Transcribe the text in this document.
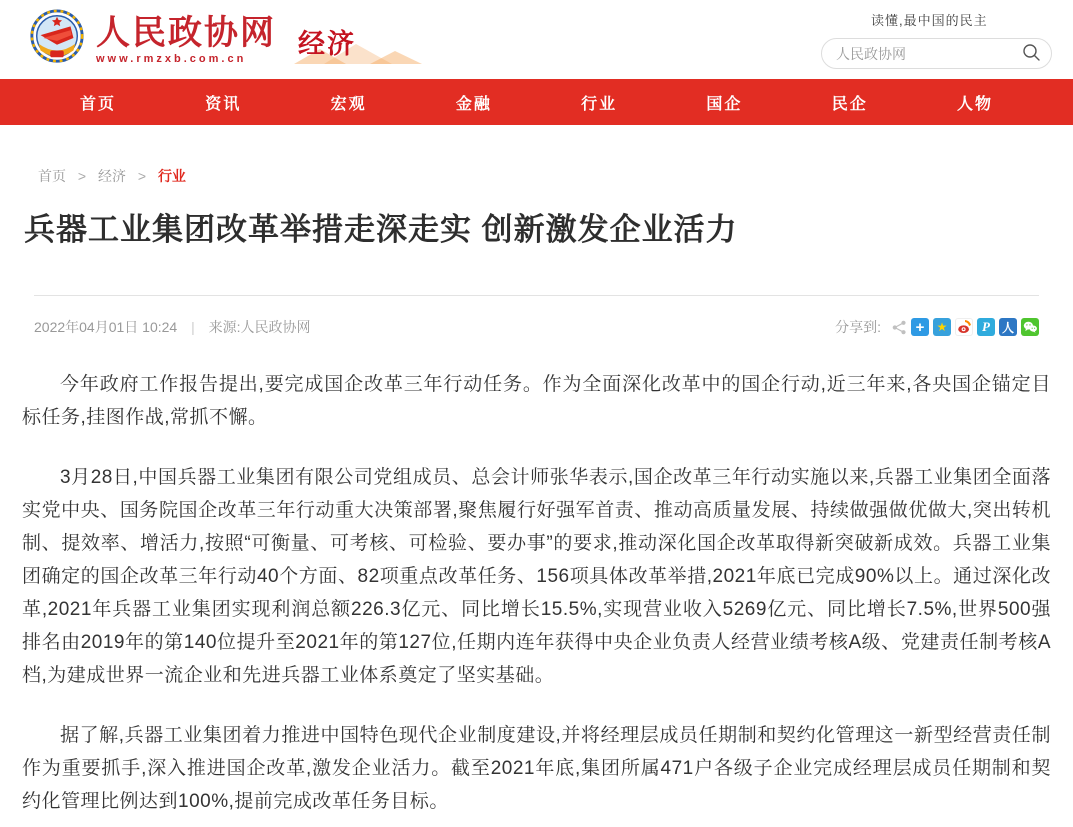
人民政协网
www.rmzxb.com.cn	经济
读懂,最中国的民主
人民政协网
首页	资讯	宏观	金融	行业	国企	民企	人物
首页 > 经济 > 行业
兵器工业集团改革举措走深走实 创新激发企业活力
2022年04月01日 10:24 | 来源:人民政协网	分享到:	+	★	P	人

今年政府工作报告提出,要完成国企改革三年行动任务。作为全面深化改革中的国企行动,近三年来,各央国企锚定目标任务,挂图作战,常抓不懈。

3月28日,中国兵器工业集团有限公司党组成员、总会计师张华表示,国企改革三年行动实施以来,兵器工业集团全面落实党中央、国务院国企改革三年行动重大决策部署,聚焦履行好强军首责、推动高质量发展、持续做强做优做大,突出转机制、提效率、增活力,按照“可衡量、可考核、可检验、要办事”的要求,推动深化国企改革取得新突破新成效。兵器工业集团确定的国企改革三年行动40个方面、82项重点改革任务、156项具体改革举措,2021年底已完成90%以上。通过深化改革,2021年兵器工业集团实现利润总额226.3亿元、同比增长15.5%,实现营业收入5269亿元、同比增长7.5%,世界500强排名由2019年的第140位提升至2021年的第127位,任期内连年获得中央企业负责人经营业绩考核A级、党建责任制考核A档,为建成世界一流企业和先进兵器工业体系奠定了坚实基础。

据了解,兵器工业集团着力推进中国特色现代企业制度建设,并将经理层成员任期制和契约化管理这一新型经营责任制作为重要抓手,深入推进国企改革,激发企业活力。截至2021年底,集团所属471户各级子企业完成经理层成员任期制和契约化管理比例达到100%,提前完成改革任务目标。
